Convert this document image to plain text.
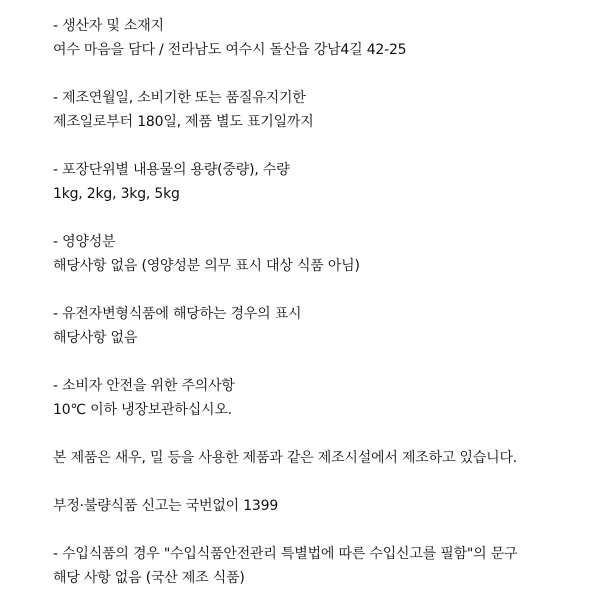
- 생산자 및 소재지
여수 마음을 담다 / 전라남도 여수시 돌산읍 강남4길 42-25
- 제조연월일, 소비기한 또는 품질유지기한
제조일로부터 180일, 제품 별도 표기일까지
- 포장단위별 내용물의 용량(중량), 수량
1kg, 2kg, 3kg, 5kg
- 영양성분
해당사항 없음 (영양성분 의무 표시 대상 식품 아님)
- 유전자변형식품에 해당하는 경우의 표시
해당사항 없음
- 소비자 안전을 위한 주의사항
10℃ 이하 냉장보관하십시오.
본 제품은 새우, 밀 등을 사용한 제품과 같은 제조시설에서 제조하고 있습니다.
부정·불량식품 신고는 국번없이 1399
- 수입식품의 경우 "수입식품안전관리 특별법에 따른 수입신고를 필함"의 문구
해당 사항 없음 (국산 제조 식품)
